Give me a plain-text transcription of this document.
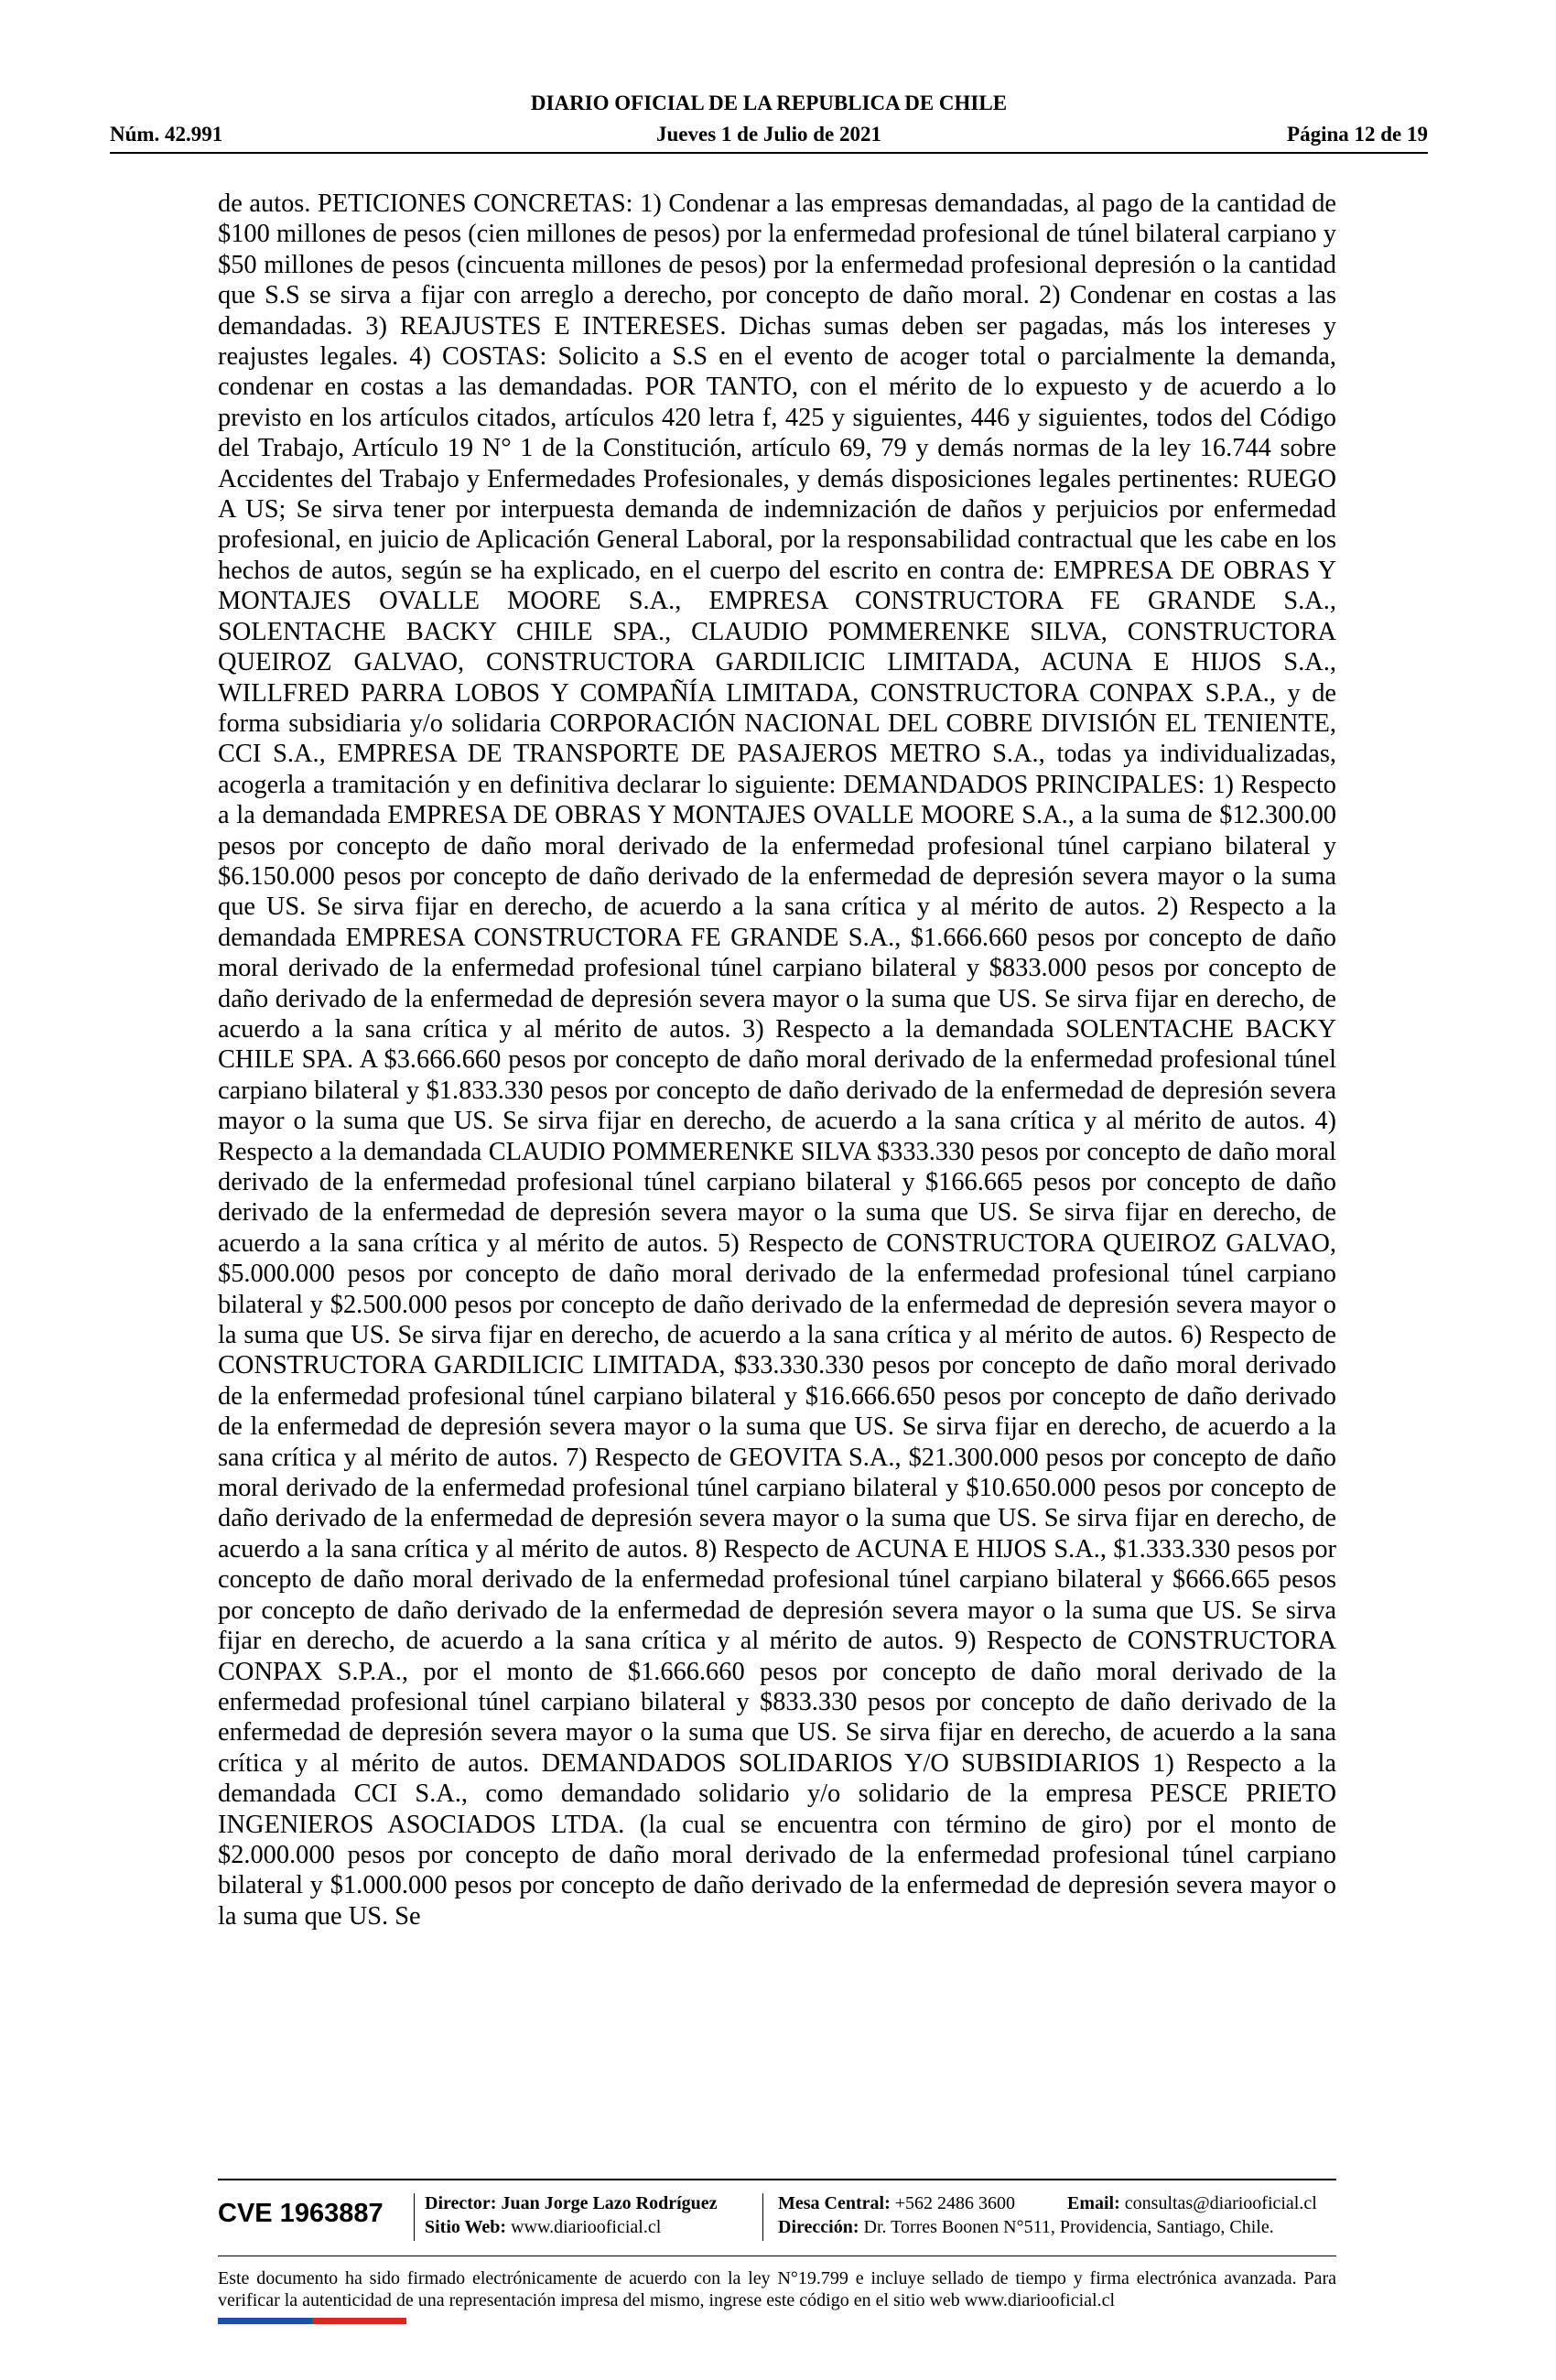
DIARIO OFICIAL DE LA REPUBLICA DE CHILE
Núm. 42.991	Jueves 1 de Julio de 2021	Página 12 de 19

de autos. PETICIONES CONCRETAS: 1) Condenar a las empresas demandadas, al pago de la cantidad de $100 millones de pesos (cien millones de pesos) por la enfermedad profesional de túnel bilateral carpiano y $50 millones de pesos (cincuenta millones de pesos) por la enfermedad profesional depresión o la cantidad que S.S se sirva a fijar con arreglo a derecho, por concepto de daño moral. 2) Condenar en costas a las demandadas. 3) REAJUSTES E INTERESES. Dichas sumas deben ser pagadas, más los intereses y reajustes legales. 4) COSTAS: Solicito a S.S en el evento de acoger total o parcialmente la demanda, condenar en costas a las demandadas. POR TANTO, con el mérito de lo expuesto y de acuerdo a lo previsto en los artículos citados, artículos 420 letra f, 425 y siguientes, 446 y siguientes, todos del Código del Trabajo, Artículo 19 N° 1 de la Constitución, artículo 69, 79 y demás normas de la ley 16.744 sobre Accidentes del Trabajo y Enfermedades Profesionales, y demás disposiciones legales pertinentes: RUEGO A US; Se sirva tener por interpuesta demanda de indemnización de daños y perjuicios por enfermedad profesional, en juicio de Aplicación General Laboral, por la responsabilidad contractual que les cabe en los hechos de autos, según se ha explicado, en el cuerpo del escrito en contra de: EMPRESA DE OBRAS Y MONTAJES OVALLE MOORE S.A., EMPRESA CONSTRUCTORA FE GRANDE S.A., SOLENTACHE BACKY CHILE SPA., CLAUDIO POMMERENKE SILVA, CONSTRUCTORA QUEIROZ GALVAO, CONSTRUCTORA GARDILICIC LIMITADA, ACUNA E HIJOS S.A., WILLFRED PARRA LOBOS Y COMPAÑÍA LIMITADA, CONSTRUCTORA CONPAX S.P.A., y de forma subsidiaria y/o solidaria CORPORACIÓN NACIONAL DEL COBRE DIVISIÓN EL TENIENTE, CCI S.A., EMPRESA DE TRANSPORTE DE PASAJEROS METRO S.A., todas ya individualizadas, acogerla a tramitación y en definitiva declarar lo siguiente: DEMANDADOS PRINCIPALES: 1) Respecto a la demandada EMPRESA DE OBRAS Y MONTAJES OVALLE MOORE S.A., a la suma de $12.300.00 pesos por concepto de daño moral derivado de la enfermedad profesional túnel carpiano bilateral y $6.150.000 pesos por concepto de daño derivado de la enfermedad de depresión severa mayor o la suma que US. Se sirva fijar en derecho, de acuerdo a la sana crítica y al mérito de autos. 2) Respecto a la demandada EMPRESA CONSTRUCTORA FE GRANDE S.A., $1.666.660 pesos por concepto de daño moral derivado de la enfermedad profesional túnel carpiano bilateral y $833.000 pesos por concepto de daño derivado de la enfermedad de depresión severa mayor o la suma que US. Se sirva fijar en derecho, de acuerdo a la sana crítica y al mérito de autos. 3) Respecto a la demandada SOLENTACHE BACKY CHILE SPA. A $3.666.660 pesos por concepto de daño moral derivado de la enfermedad profesional túnel carpiano bilateral y $1.833.330 pesos por concepto de daño derivado de la enfermedad de depresión severa mayor o la suma que US. Se sirva fijar en derecho, de acuerdo a la sana crítica y al mérito de autos. 4) Respecto a la demandada CLAUDIO POMMERENKE SILVA $333.330 pesos por concepto de daño moral derivado de la enfermedad profesional túnel carpiano bilateral y $166.665 pesos por concepto de daño derivado de la enfermedad de depresión severa mayor o la suma que US. Se sirva fijar en derecho, de acuerdo a la sana crítica y al mérito de autos. 5) Respecto de CONSTRUCTORA QUEIROZ GALVAO, $5.000.000 pesos por concepto de daño moral derivado de la enfermedad profesional túnel carpiano bilateral y $2.500.000 pesos por concepto de daño derivado de la enfermedad de depresión severa mayor o la suma que US. Se sirva fijar en derecho, de acuerdo a la sana crítica y al mérito de autos. 6) Respecto de CONSTRUCTORA GARDILICIC LIMITADA, $33.330.330 pesos por concepto de daño moral derivado de la enfermedad profesional túnel carpiano bilateral y $16.666.650 pesos por concepto de daño derivado de la enfermedad de depresión severa mayor o la suma que US. Se sirva fijar en derecho, de acuerdo a la sana crítica y al mérito de autos. 7) Respecto de GEOVITA S.A., $21.300.000 pesos por concepto de daño moral derivado de la enfermedad profesional túnel carpiano bilateral y $10.650.000 pesos por concepto de daño derivado de la enfermedad de depresión severa mayor o la suma que US. Se sirva fijar en derecho, de acuerdo a la sana crítica y al mérito de autos. 8) Respecto de ACUNA E HIJOS S.A., $1.333.330 pesos por concepto de daño moral derivado de la enfermedad profesional túnel carpiano bilateral y $666.665 pesos por concepto de daño derivado de la enfermedad de depresión severa mayor o la suma que US. Se sirva fijar en derecho, de acuerdo a la sana crítica y al mérito de autos. 9) Respecto de CONSTRUCTORA CONPAX S.P.A., por el monto de $1.666.660 pesos por concepto de daño moral derivado de la enfermedad profesional túnel carpiano bilateral y $833.330 pesos por concepto de daño derivado de la enfermedad de depresión severa mayor o la suma que US. Se sirva fijar en derecho, de acuerdo a la sana crítica y al mérito de autos. DEMANDADOS SOLIDARIOS Y/O SUBSIDIARIOS 1) Respecto a la demandada CCI S.A., como demandado solidario y/o solidario de la empresa PESCE PRIETO INGENIEROS ASOCIADOS LTDA. (la cual se encuentra con término de giro) por el monto de $2.000.000 pesos por concepto de daño moral derivado de la enfermedad profesional túnel carpiano bilateral y $1.000.000 pesos por concepto de daño derivado de la enfermedad de depresión severa mayor o la suma que US. Se

CVE 1963887	Director: Juan Jorge Lazo Rodríguez
Sitio Web: www.diariooficial.cl
Mesa Central: +562 2486 3600
Dirección: Dr. Torres Boonen N°511, Providencia, Santiago, Chile.
Email: consultas@diariooficial.cl
Este documento ha sido firmado electrónicamente de acuerdo con la ley N°19.799 e incluye sellado de tiempo y firma electrónica avanzada. Para verificar la autenticidad de una representación impresa del mismo, ingrese este código en el sitio web www.diariooficial.cl
